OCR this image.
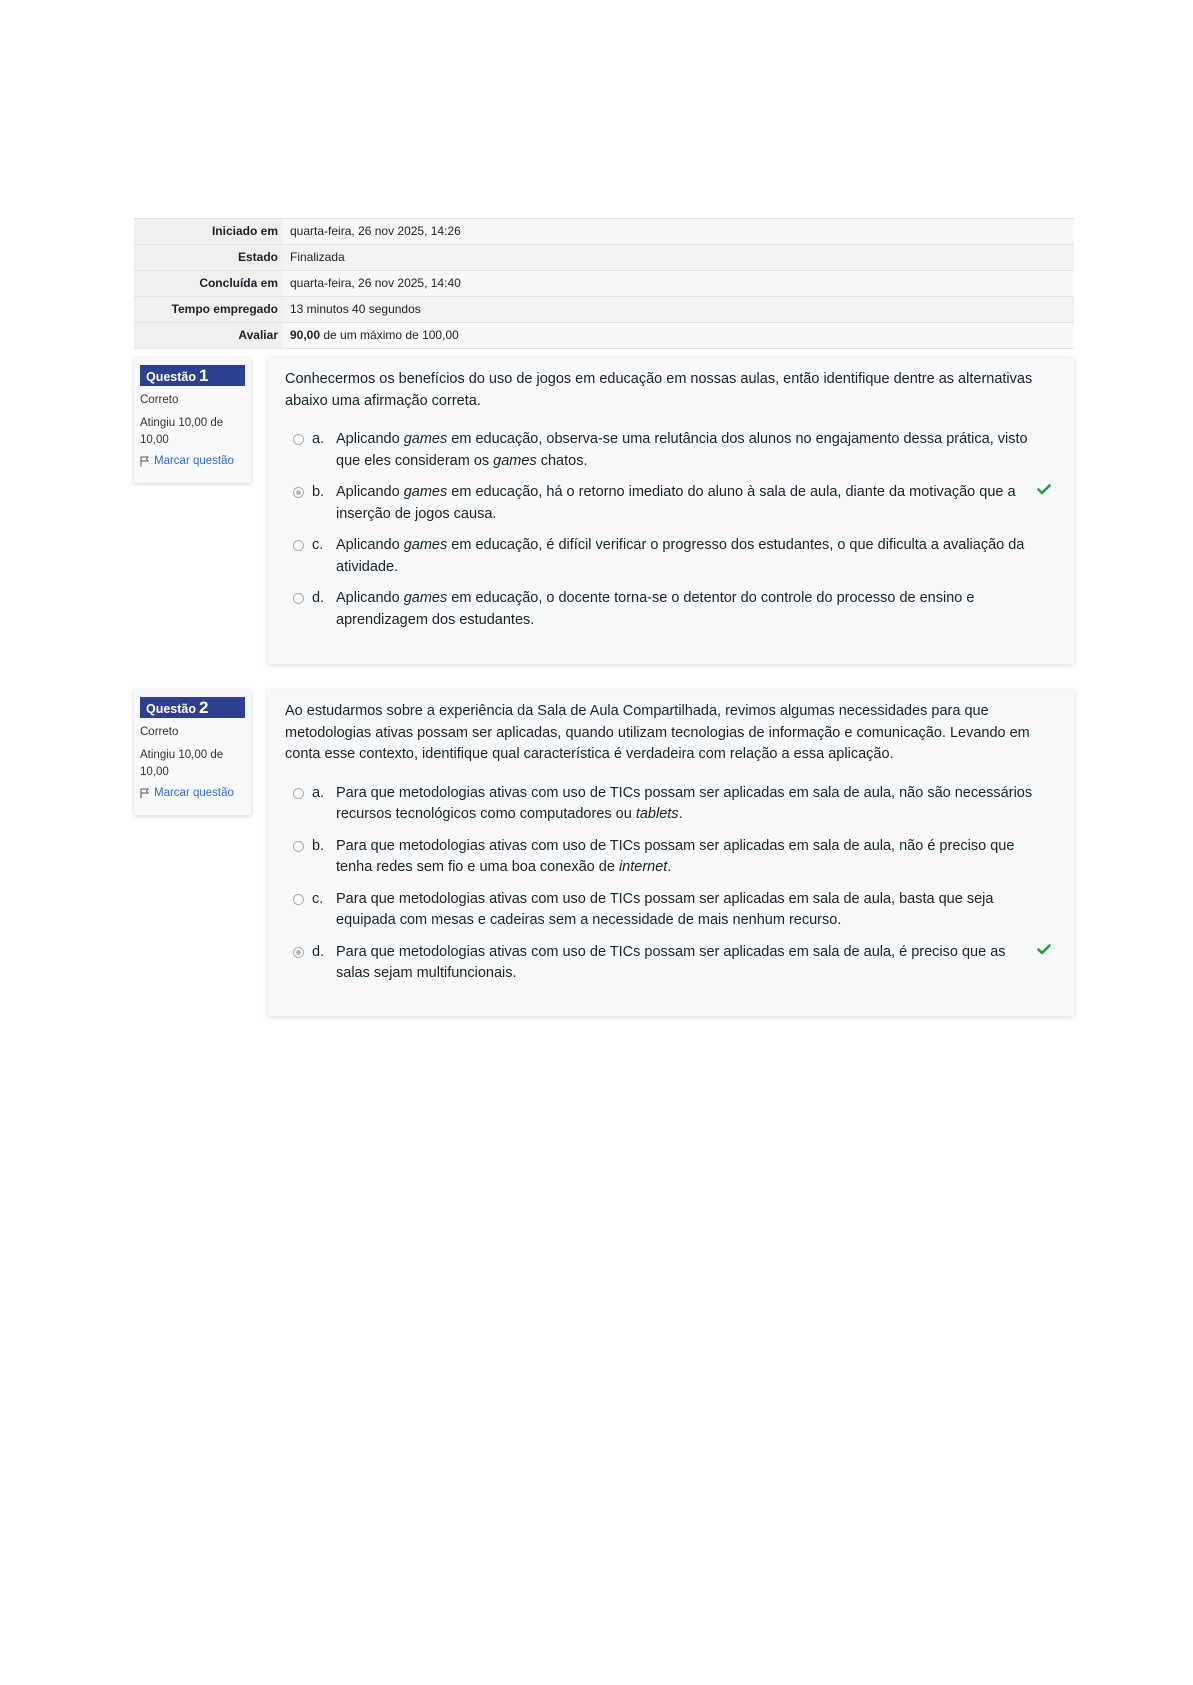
Iniciado em	quarta-feira, 26 nov 2025, 14:26
Estado	Finalizada
Concluída em	quarta-feira, 26 nov 2025, 14:40
Tempo empregado	13 minutos 40 segundos
Avaliar	90,00 de um máximo de 100,00
Questão 1
Correto
Atingiu 10,00 de 10,00
Marcar questão
Conhecermos os benefícios do uso de jogos em educação em nossas aulas, então identifique dentre as alternativas abaixo uma afirmação correta.
a. Aplicando games em educação, observa-se uma relutância dos alunos no engajamento dessa prática, visto que eles consideram os games chatos.
b. Aplicando games em educação, há o retorno imediato do aluno à sala de aula, diante da motivação que a inserção de jogos causa.
c. Aplicando games em educação, é difícil verificar o progresso dos estudantes, o que dificulta a avaliação da atividade.
d. Aplicando games em educação, o docente torna-se o detentor do controle do processo de ensino e aprendizagem dos estudantes.
Questão 2
Correto
Atingiu 10,00 de 10,00
Marcar questão
Ao estudarmos sobre a experiência da Sala de Aula Compartilhada, revimos algumas necessidades para que metodologias ativas possam ser aplicadas, quando utilizam tecnologias de informação e comunicação. Levando em conta esse contexto, identifique qual característica é verdadeira com relação a essa aplicação.
a. Para que metodologias ativas com uso de TICs possam ser aplicadas em sala de aula, não são necessários recursos tecnológicos como computadores ou tablets.
b. Para que metodologias ativas com uso de TICs possam ser aplicadas em sala de aula, não é preciso que tenha redes sem fio e uma boa conexão de internet.
c. Para que metodologias ativas com uso de TICs possam ser aplicadas em sala de aula, basta que seja equipada com mesas e cadeiras sem a necessidade de mais nenhum recurso.
d. Para que metodologias ativas com uso de TICs possam ser aplicadas em sala de aula, é preciso que as salas sejam multifuncionais.
